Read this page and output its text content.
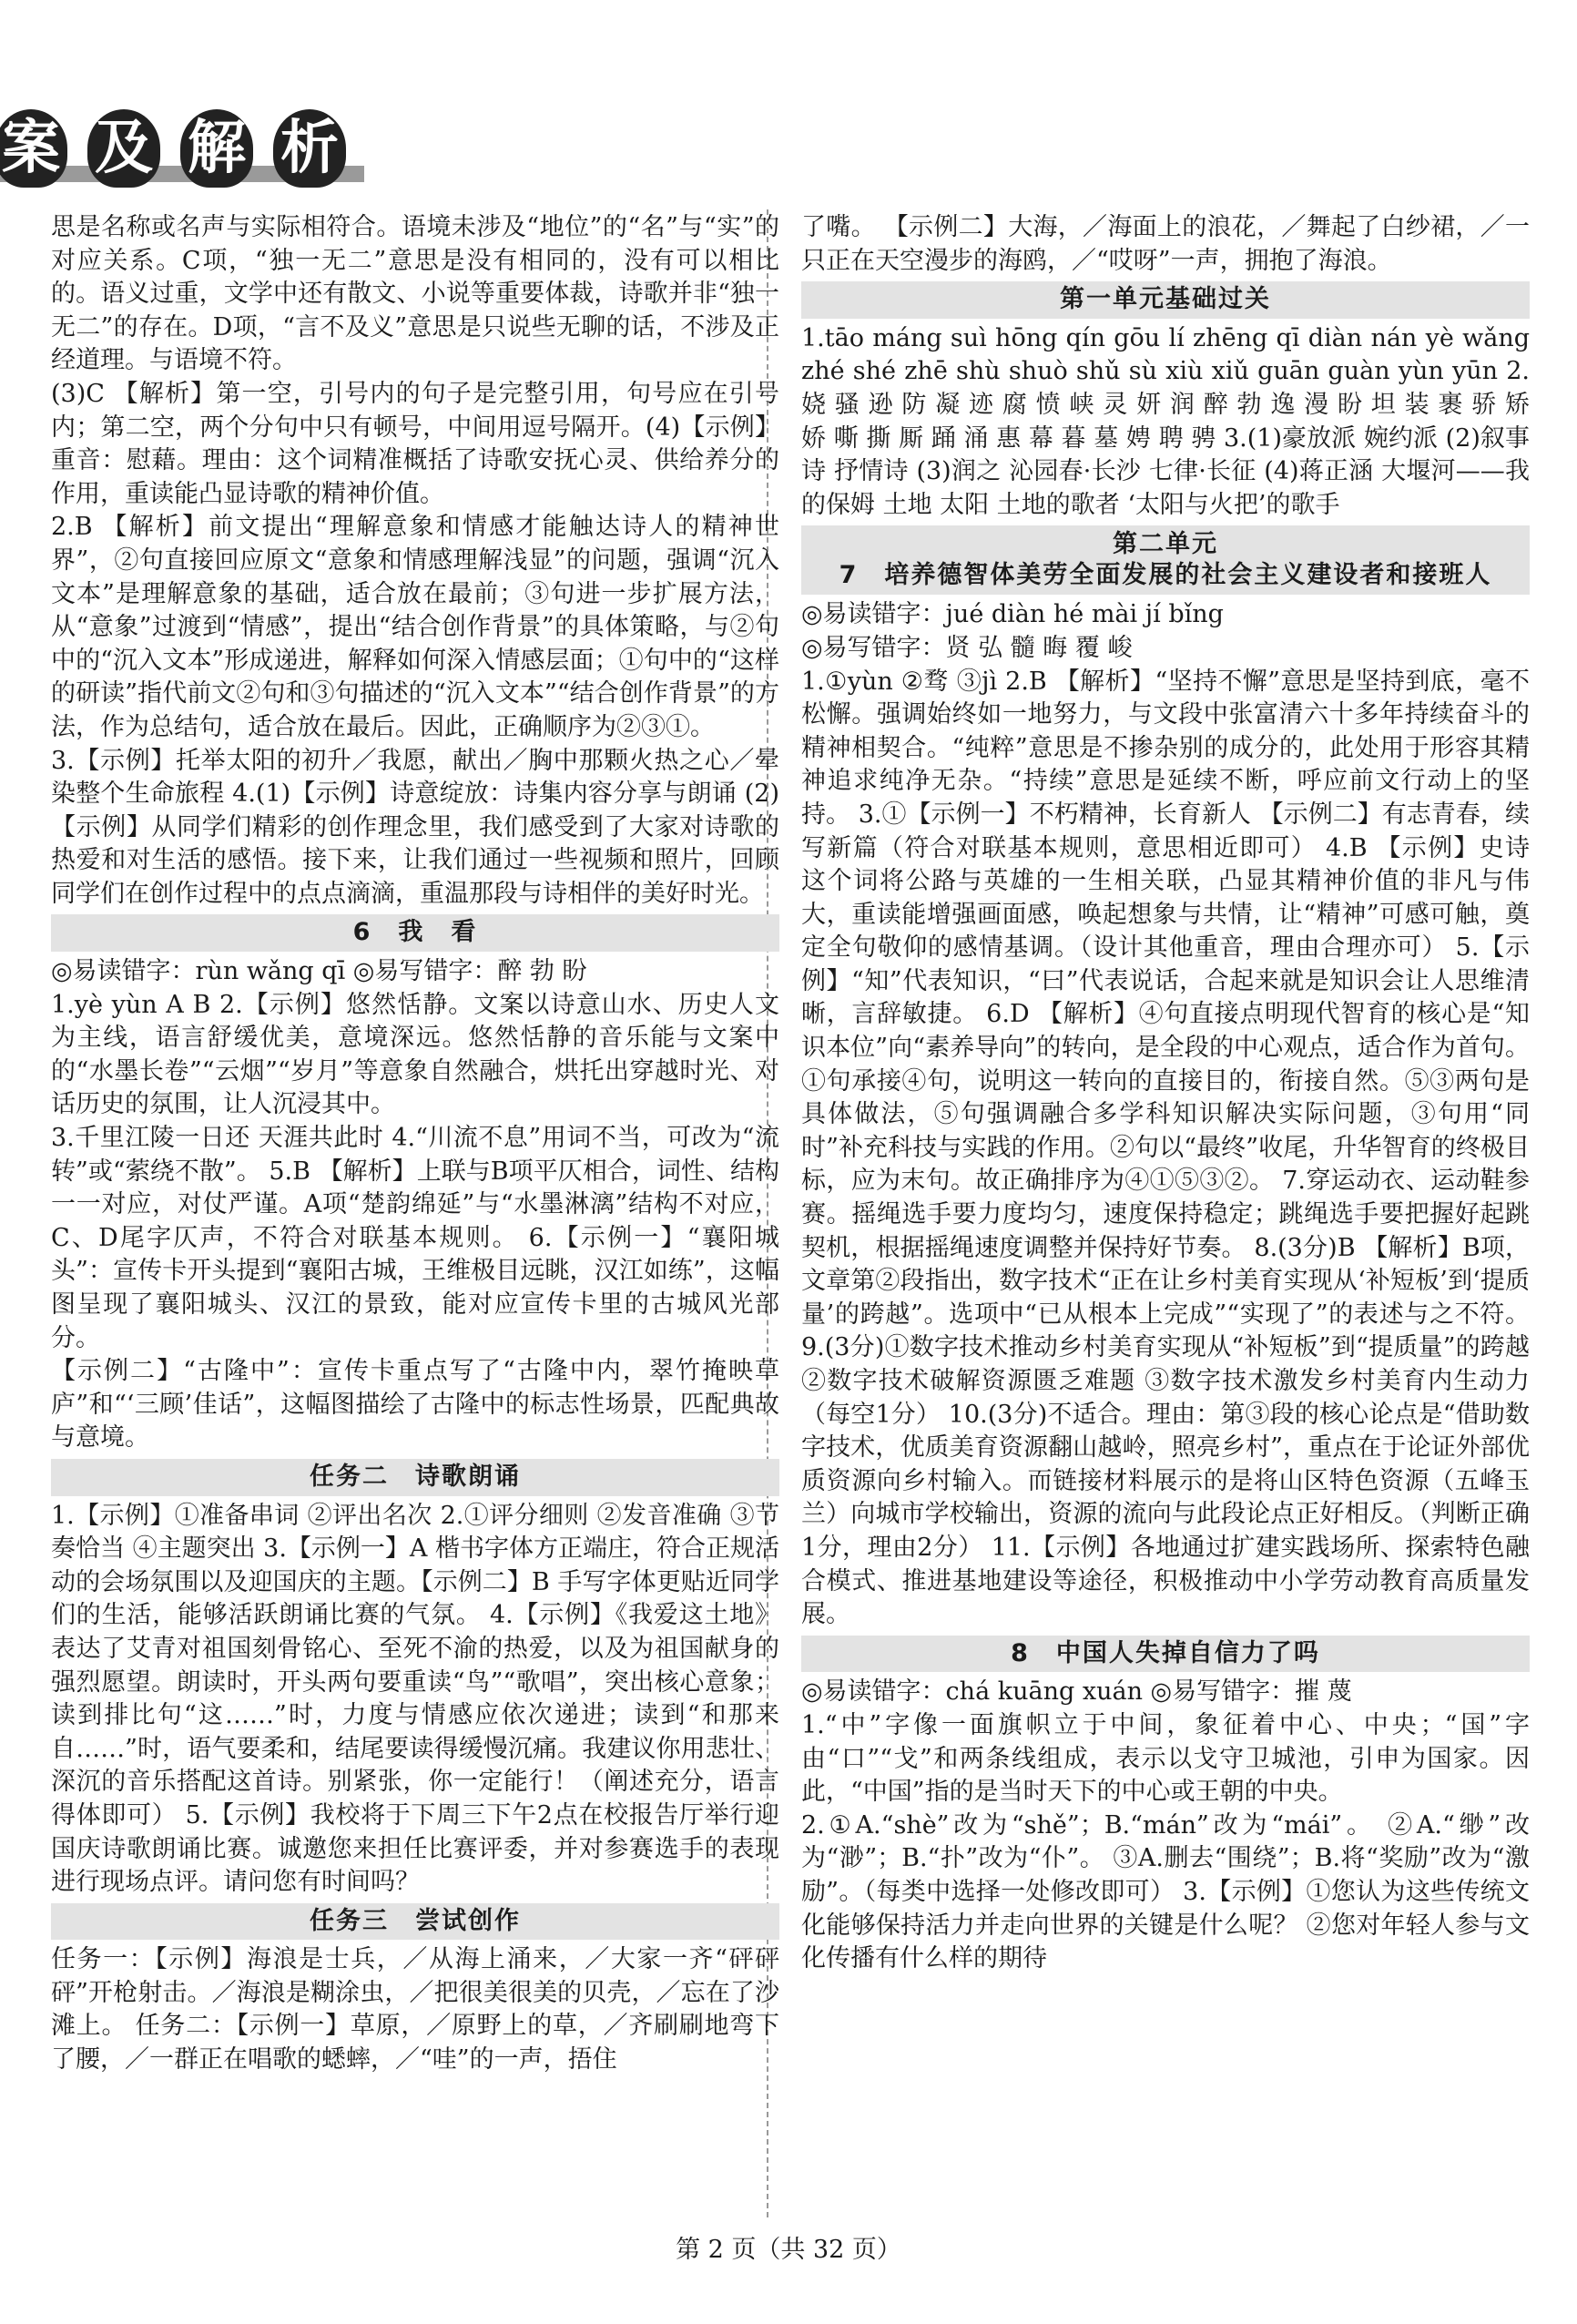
案 及 解 析

思是名称或名声与实际相符合。语境未涉及“地位”的“名”与“实”的对应关系。C项，“独一无二”意思是没有相同的，没有可以相比的。语义过重，文学中还有散文、小说等重要体裁，诗歌并非“独一无二”的存在。D项，“言不及义”意思是只说些无聊的话，不涉及正经道理。与语境不符。

(3)C 【解析】第一空，引号内的句子是完整引用，句号应在引号内；第二空，两个分句中只有顿号，中间用逗号隔开。(4)【示例】重音：慰藉。理由：这个词精准概括了诗歌安抚心灵、供给养分的作用，重读能凸显诗歌的精神价值。

2.B 【解析】前文提出“理解意象和情感才能触达诗人的精神世界”，②句直接回应原文“意象和情感理解浅显”的问题，强调“沉入文本”是理解意象的基础，适合放在最前；③句进一步扩展方法，从“意象”过渡到“情感”，提出“结合创作背景”的具体策略，与②句中的“沉入文本”形成递进，解释如何深入情感层面；①句中的“这样的研读”指代前文②句和③句描述的“沉入文本”“结合创作背景”的方法，作为总结句，适合放在最后。因此，正确顺序为②③①。

3.【示例】托举太阳的初升／我愿，献出／胸中那颗火热之心／晕染整个生命旅程 4.(1)【示例】诗意绽放：诗集内容分享与朗诵 (2)【示例】从同学们精彩的创作理念里，我们感受到了大家对诗歌的热爱和对生活的感悟。接下来，让我们通过一些视频和照片，回顾同学们在创作过程中的点点滴滴，重温那段与诗相伴的美好时光。

6　我　看

◎易读错字：rùn wǎng qī ◎易写错字：醉 勃 盼

1.yè yùn A B 2.【示例】悠然恬静。文案以诗意山水、历史人文为主线，语言舒缓优美，意境深远。悠然恬静的音乐能与文案中的“水墨长卷”“云烟”“岁月”等意象自然融合，烘托出穿越时光、对话历史的氛围，让人沉浸其中。

3.千里江陵一日还 天涯共此时 4.“川流不息”用词不当，可改为“流转”或“萦绕不散”。 5.B 【解析】上联与B项平仄相合，词性、结构一一对应，对仗严谨。A项“楚韵绵延”与“水墨淋漓”结构不对应，C、D尾字仄声，不符合对联基本规则。 6.【示例一】“襄阳城头”：宣传卡开头提到“襄阳古城，王维极目远眺，汉江如练”，这幅图呈现了襄阳城头、汉江的景致，能对应宣传卡里的古城风光部分。

【示例二】“古隆中”：宣传卡重点写了“古隆中内，翠竹掩映草庐”和“‘三顾’佳话”，这幅图描绘了古隆中的标志性场景，匹配典故与意境。

任务二　诗歌朗诵

1.【示例】①准备串词 ②评出名次 2.①评分细则 ②发音准确 ③节奏恰当 ④主题突出 3.【示例一】A 楷书字体方正端庄，符合正规活动的会场氛围以及迎国庆的主题。【示例二】B 手写字体更贴近同学们的生活，能够活跃朗诵比赛的气氛。 4.【示例】《我爱这土地》表达了艾青对祖国刻骨铭心、至死不渝的热爱，以及为祖国献身的强烈愿望。朗读时，开头两句要重读“鸟”“歌唱”，突出核心意象；读到排比句“这……”时，力度与情感应依次递进；读到“和那来自……”时，语气要柔和，结尾要读得缓慢沉痛。我建议你用悲壮、深沉的音乐搭配这首诗。别紧张，你一定能行！（阐述充分，语言得体即可） 5.【示例】我校将于下周三下午2点在校报告厅举行迎国庆诗歌朗诵比赛。诚邀您来担任比赛评委，并对参赛选手的表现进行现场点评。请问您有时间吗？

任务三　尝试创作

任务一：【示例】海浪是士兵，／从海上涌来，／大家一齐“砰砰砰”开枪射击。／海浪是糊涂虫，／把很美很美的贝壳，／忘在了沙滩上。 任务二：【示例一】草原，／原野上的草，／齐刷刷地弯下了腰，／一群正在唱歌的蟋蟀，／“哇”的一声，捂住

了嘴。 【示例二】大海，／海面上的浪花，／舞起了白纱裙，／一只正在天空漫步的海鸥，／“哎呀”一声，拥抱了海浪。

第一单元基础过关

1.tāo máng suì hōng qín gōu lí zhēng qī diàn nán yè wǎng zhé shé zhē shù shuò shǔ sù xiù xiǔ guān guàn yùn yūn 2.娆 骚 逊 防 凝 迹 腐 愤 峡 灵 妍 润 醉 勃 逸 漫 盼 坦 装 裹 骄 矫 娇 嘶 撕 厮 踊 涌 惠 幕 暮 墓 娉 聘 骋 3.(1)豪放派 婉约派 (2)叙事诗 抒情诗 (3)润之 沁园春·长沙 七律·长征 (4)蒋正涵 大堰河——我的保姆 土地 太阳 土地的歌者 ‘太阳与火把’的歌手

第二单元
7　培养德智体美劳全面发展的社会主义建设者和接班人

◎易读错字：jué diàn hé mài jí bǐng

◎易写错字：贤 弘 髓 晦 覆 峻

1.①yùn ②骛 ③jì 2.B 【解析】“坚持不懈”意思是坚持到底，毫不松懈。强调始终如一地努力，与文段中张富清六十多年持续奋斗的精神相契合。“纯粹”意思是不掺杂别的成分的，此处用于形容其精神追求纯净无杂。“持续”意思是延续不断，呼应前文行动上的坚持。 3.①【示例一】不朽精神，长育新人 【示例二】有志青春，续写新篇（符合对联基本规则，意思相近即可） 4.B 【示例】史诗 这个词将公路与英雄的一生相关联，凸显其精神价值的非凡与伟大，重读能增强画面感，唤起想象与共情，让“精神”可感可触，奠定全句敬仰的感情基调。（设计其他重音，理由合理亦可） 5.【示例】“知”代表知识，“曰”代表说话，合起来就是知识会让人思维清晰，言辞敏捷。 6.D 【解析】④句直接点明现代智育的核心是“知识本位”向“素养导向”的转向，是全段的中心观点，适合作为首句。①句承接④句，说明这一转向的直接目的，衔接自然。⑤③两句是具体做法，⑤句强调融合多学科知识解决实际问题，③句用“同时”补充科技与实践的作用。②句以“最终”收尾，升华智育的终极目标，应为末句。故正确排序为④①⑤③②。 7.穿运动衣、运动鞋参赛。摇绳选手要力度均匀，速度保持稳定；跳绳选手要把握好起跳契机，根据摇绳速度调整并保持好节奏。 8.(3分)B 【解析】B项，文章第②段指出，数字技术“正在让乡村美育实现从‘补短板’到‘提质量’的跨越”。选项中“已从根本上完成”“实现了”的表述与之不符。 9.(3分)①数字技术推动乡村美育实现从“补短板”到“提质量”的跨越 ②数字技术破解资源匮乏难题 ③数字技术激发乡村美育内生动力（每空1分） 10.(3分)不适合。理由：第③段的核心论点是“借助数字技术，优质美育资源翻山越岭，照亮乡村”，重点在于论证外部优质资源向乡村输入。而链接材料展示的是将山区特色资源（五峰玉兰）向城市学校输出，资源的流向与此段论点正好相反。（判断正确1分，理由2分） 11.【示例】各地通过扩建实践场所、探索特色融合模式、推进基地建设等途径，积极推动中小学劳动教育高质量发展。

8　中国人失掉自信力了吗

◎易读错字：chá kuāng xuán ◎易写错字：摧 蔑

1.“中”字像一面旗帜立于中间，象征着中心、中央；“国”字由“口”“戈”和两条线组成，表示以戈守卫城池，引申为国家。因此，“中国”指的是当时天下的中心或王朝的中央。

2.①A.“shè”改为“shě”；B.“mán”改为“mái”。 ②A.“缈”改为“渺”；B.“扑”改为“仆”。 ③A.删去“围绕”；B.将“奖励”改为“激励”。（每类中选择一处修改即可） 3.【示例】①您认为这些传统文化能够保持活力并走向世界的关键是什么呢？ ②您对年轻人参与文化传播有什么样的期待

第 2 页（共 32 页）
